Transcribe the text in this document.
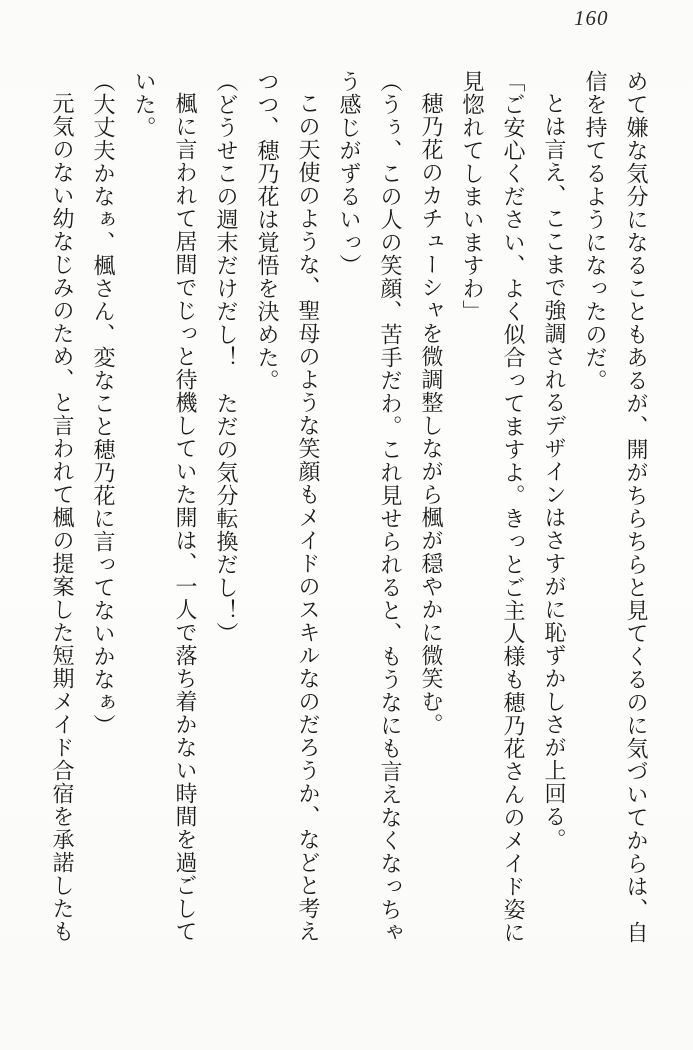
160

めて嫌な気分になることもあるが、開がちらちらと見てくるのに気づいてからは、自

信を持てるようになったのだ。

とは言え、ここまで強調されるデザインはさすがに恥ずかしさが上回る。

「ご安心ください、よく似合ってますよ。きっとご主人様も穂乃花さんのメイド姿に

見惚れてしまいますわ」

穂乃花のカチューシャを微調整しながら楓が穏やかに微笑む。

（うぅ、この人の笑顔、苦手だわ。これ見せられると、もうなにも言えなくなっちゃ

う感じがずるいっ）

この天使のような、聖母のような笑顔もメイドのスキルなのだろうか、などと考え

つつ、穂乃花は覚悟を決めた。

（どうせこの週末だけだし！　ただの気分転換だし！）

楓に言われて居間でじっと待機していた開は、一人で落ち着かない時間を過ごして

いた。

（大丈夫かなぁ、楓さん、変なこと穂乃花に言ってないかなぁ）

元気のない幼なじみのため、と言われて楓の提案した短期メイド合宿を承諾したも
